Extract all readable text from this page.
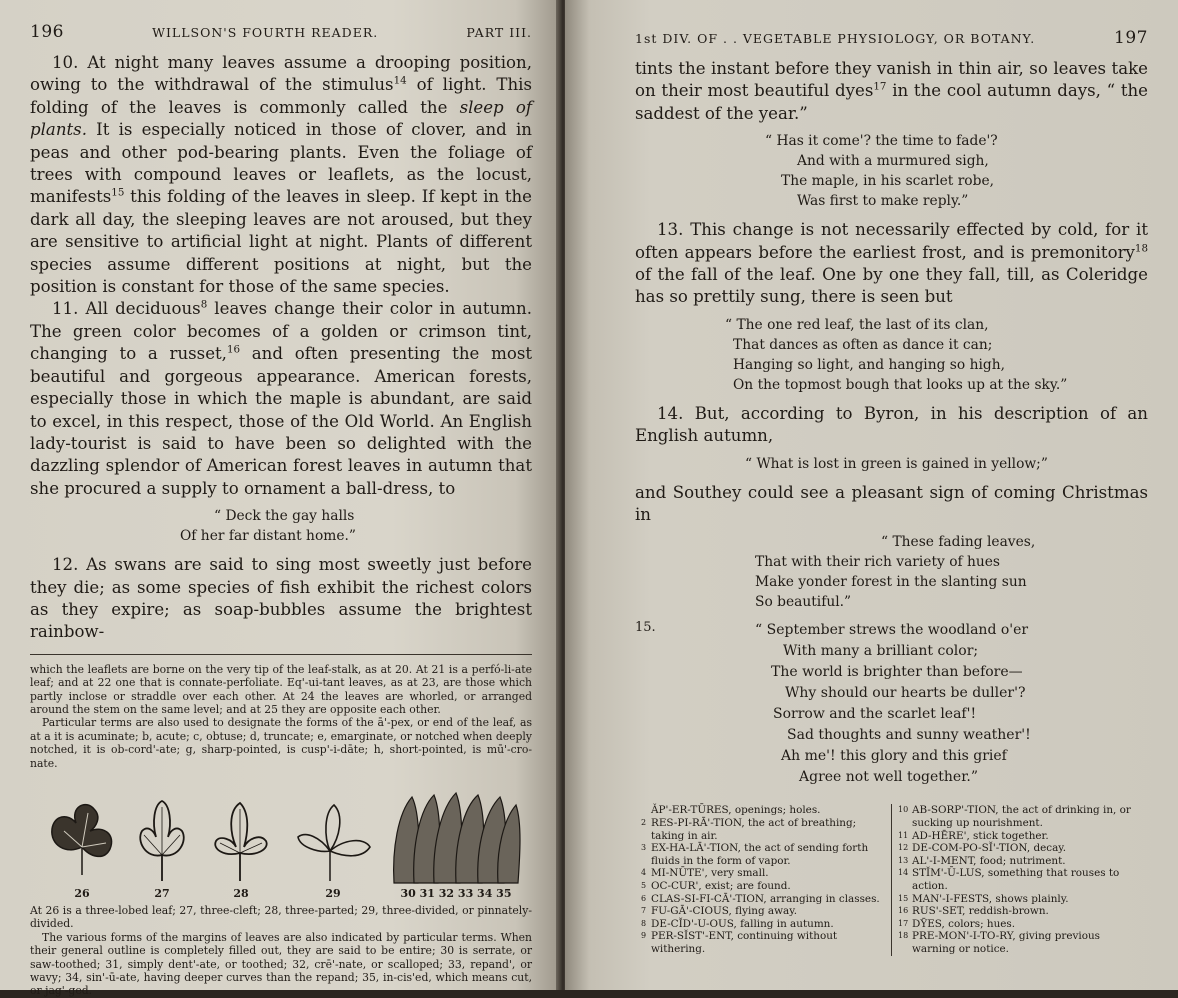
196	WILLSON'S FOURTH READER.	PART III.

10. At night many leaves assume a drooping position, owing to the withdrawal of the stimulus$^{14}$ of light. This folding of the leaves is commonly called the sleep of plants. It is especially noticed in those of clover, and in peas and other pod-bearing plants. Even the foliage of trees with compound leaves or leaflets, as the locust, manifests$^{15}$ this folding of the leaves in sleep. If kept in the dark all day, the sleeping leaves are not aroused, but they are sensitive to artificial light at night. Plants of different species assume different positions at night, but the position is constant for those of the same species.

11. All deciduous$^8$ leaves change their color in autumn. The green color becomes of a golden or crimson tint, changing to a russet,$^{16}$ and often presenting the most beautiful and gorgeous appearance. American forests, especially those in which the maple is abundant, are said to excel, in this respect, those of the Old World. An English lady-tourist is said to have been so delighted with the dazzling splendor of American forest leaves in autumn that she procured a supply to ornament a ball-dress, to

“ Deck the gay halls
Of her far distant home.”

12. As swans are said to sing most sweetly just before they die; as some species of fish exhibit the richest colors as they expire; as soap-bubbles assume the brightest rainbow-

which the leaflets are borne on the very tip of the leaf-stalk, as at 20. At 21 is a perfó-li-ate leaf; and at 22 one that is connate-perfoliate. Eq'-ui-tant leaves, as at 23, are those which partly inclose or straddle over each other. At 24 the leaves are whorled, or arranged around the stem on the same level; and at 25 they are opposite each other.

Particular terms are also used to designate the forms of the ā'-pex, or end of the leaf, as at a it is acuminate; b, acute; c, obtuse; d, truncate; e, emarginate, or notched when deeply notched, it is ob-cord'-ate; g, sharp-pointed, is cusp'-i-dāte; h, short-pointed, is mū'-cro-nate.

26	27	28	29	30 31 32 33 34 35

At 26 is a three-lobed leaf; 27, three-cleft; 28, three-parted; 29, three-divided, or pinnately-divided.

The various forms of the margins of leaves are also indicated by particular terms. When their general outline is completely filled out, they are said to be entire; 30 is serrate, or saw-toothed; 31, simply dent'-ate, or toothed; 32, crē'-nate, or scalloped; 33, repand', or wavy; 34, sin'-ū-ate, having deeper curves than the repand; 35, in-cis'ed, which means cut, or jag'-ged.

1st DIV. OF . . VEGETABLE PHYSIOLOGY, OR BOTANY.	197

tints the instant before they vanish in thin air, so leaves take on their most beautiful dyes$^{17}$ in the cool autumn days, “ the saddest of the year.”

“ Has it come'? the time to fade'?
And with a murmured sigh,
The maple, in his scarlet robe,
Was first to make reply.”

13. This change is not necessarily effected by cold, for it often appears before the earliest frost, and is premonitory$^{18}$ of the fall of the leaf. One by one they fall, till, as Coleridge has so prettily sung, there is seen but

“ The one red leaf, the last of its clan,
That dances as often as dance it can;
Hanging so light, and hanging so high,
On the topmost bough that looks up at the sky.”

14. But, according to Byron, in his description of an English autumn,

“ What is lost in green is gained in yellow;”

and Southey could see a pleasant sign of coming Christmas in

“ These fading leaves,
That with their rich variety of hues
Make yonder forest in the slanting sun
So beautiful.”
15.	“ September strews the woodland o'er
With many a brilliant color;
The world is brighter than before—
Why should our hearts be duller'?
Sorrow and the scarlet leaf'!
Sad thoughts and sunny weather'!
Ah me'! this glory and this grief
Agree not well together.”
ǍP'-ER-TŪRES, openings; holes.
2 RES-PI-RĀ'-TION, the act of breathing; taking in air.
3 EX-HA-LĀ'-TION, the act of sending forth fluids in the form of vapor.
4 MI-NŪTE', very small.
5 OC-CUR', exist; are found.
6 CLAS-SI-FI-CĀ'-TION, arranging in classes.
7 FU-GĀ'-CIOUS, flying away.
8 DE-CĬD'-U-OUS, falling in autumn.
9 PER-SĬST'-ENT, continuing without withering.
10 AB-SORP'-TION, the act of drinking in, or sucking up nourishment.
11 AD-HĒRE', stick together.
12 DE-COM-PO-SĬ'-TION, decay.
13 AL'-I-MENT, food; nutriment.
14 STĬM'-Ū-LUS, something that rouses to action.
15 MAN'-I-FESTS, shows plainly.
16 RUS'-SET, reddish-brown.
17 DȲES, colors; hues.
18 PRE-MON'-I-TO-RY, giving previous warning or notice.
